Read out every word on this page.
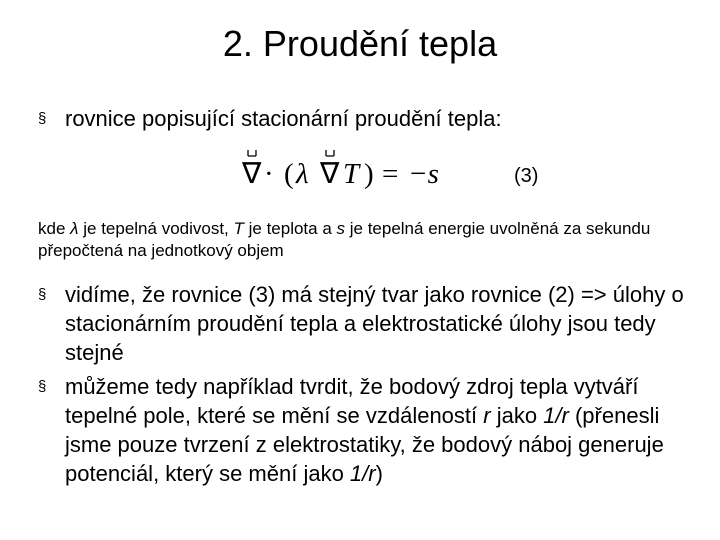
2. Proudění tepla
§ rovnice popisující stacionární proudění tepla:
∇ · ( λ ∇ T ) = −s	(3)
kde λ je tepelná vodivost, T je teplota a s je tepelná energie uvolněná za sekundu přepočtená na jednotkový objem
§ vidíme, že rovnice (3) má stejný tvar jako rovnice (2) => úlohy o stacionárním proudění tepla a elektrostatické úlohy jsou tedy stejné
§ můžeme tedy například tvrdit, že bodový zdroj tepla vytváří tepelné pole, které se mění se vzdáleností r jako 1/r (přenesli jsme pouze tvrzení z elektrostatiky, že bodový náboj generuje potenciál, který se mění jako 1/r)
